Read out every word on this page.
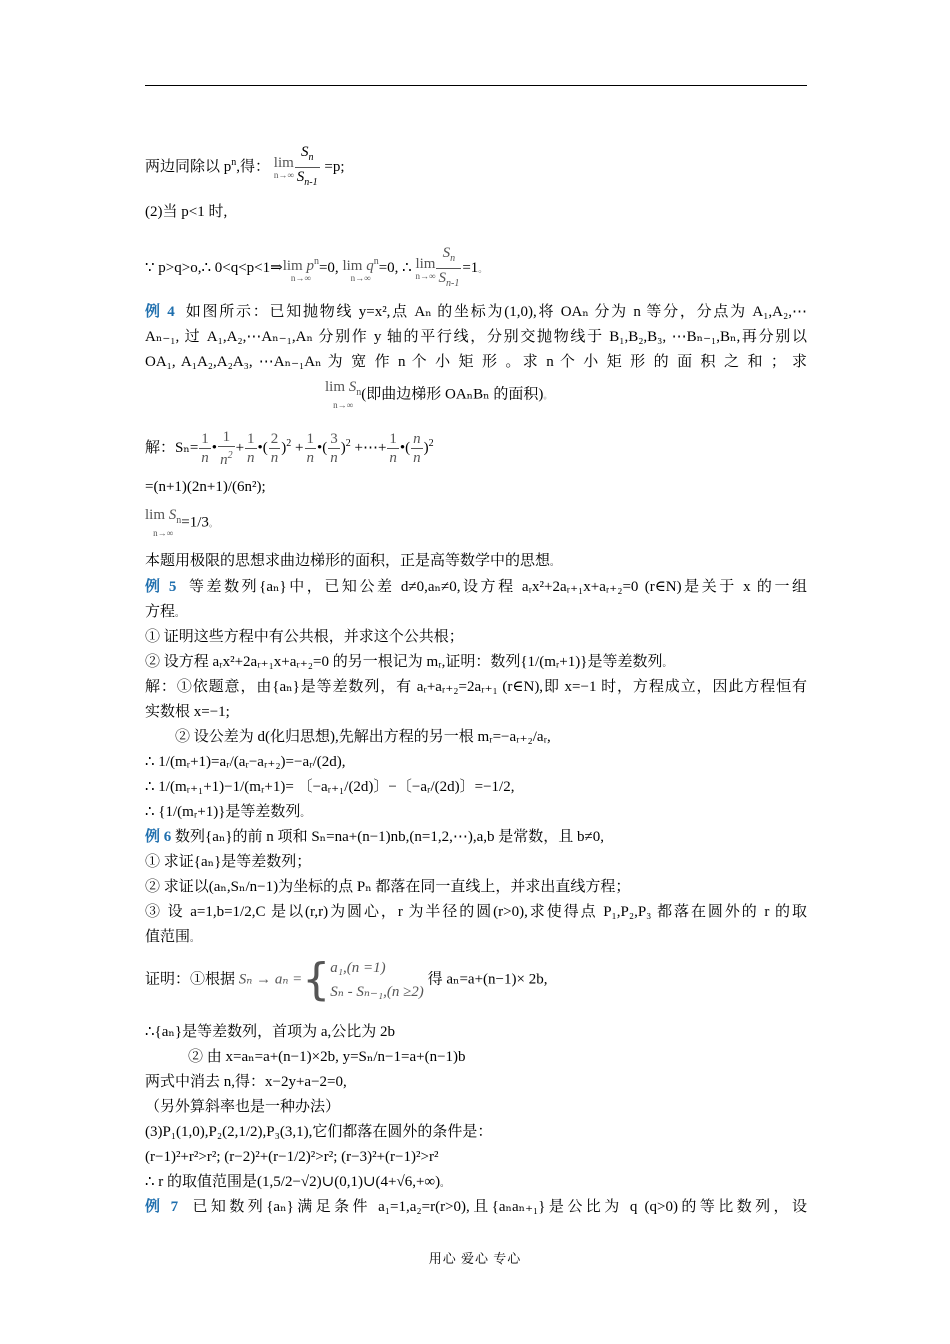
两边同除以 $p^n$,得： lim
$n\to\infty \frac{S_n}{S_{n-1}} =p$;
(2)当 p<1 时,
∵ p>q>o,∴ 0<q<p<1⇒ $\lim p^n$
n→∞
=0, $\lim q^n$
n→∞
=0, ∴ lim
$n\to\infty \frac{S_n}{S_{n-1}} =1$。
例 4 如图所示：已知抛物线 y=x²,点 Aₙ 的坐标为(1,0),将 OAₙ 分为 n 等分，分点为 A₁,A₂,⋯
Aₙ₋₁, 过 A₁,A₂,⋯Aₙ₋₁,Aₙ 分别作 y 轴的平行线，分别交抛物线于 B₁,B₂,B₃, ⋯Bₙ₋₁,Bₙ,再分别以
OA₁, A₁A₂,A₂A₃, ⋯Aₙ₋₁Aₙ 为 宽 作 n 个 小 矩 形 。求 n 个 小 矩 形 的 面 积 之 和 ； 求
$\lim S_n$
n→∞
(即曲边梯形 OAₙBₙ 的面积)。
解：$S_n= \frac{1}{n}$ • $\frac{1}{n^2} + \frac{1}{n}$ •( $\frac{2}{n} )^2 + \frac{1}{n}$ •( $\frac{3}{n} )^2$ +⋯+ $\frac{1}{n}$ •( $\frac{n}{n} )^2$
=(n+1)(2n+1)/(6n²);
$\lim S_n$
n→∞
=1/3。
本题用极限的思想求曲边梯形的面积，正是高等数学中的思想。
例 5 等差数列{aₙ}中，已知公差 d≠0,aₙ≠0,设方程 aᵣx²+2aᵣ₊₁x+aᵣ₊₂=0 (r∈N)是关于 x 的一组
方程。
① 证明这些方程中有公共根，并求这个公共根；
② 设方程 aᵣx²+2aᵣ₊₁x+aᵣ₊₂=0 的另一根记为 mᵣ,证明：数列{1/(mᵣ+1)}是等差数列。
解：①依题意，由{aₙ}是等差数列，有 aᵣ+aᵣ₊₂=2aᵣ₊₁ (r∈N),即 x=−1 时，方程成立，因此方程恒有
实数根 x=−1;
② 设公差为 d(化归思想),先解出方程的另一根 mᵣ=−aᵣ₊₂/aᵣ,
∴ 1/(mᵣ+1)=aᵣ/(aᵣ−aᵣ₊₂)=−aᵣ/(2d),
∴ 1/(mᵣ₊₁+1)−1/(mᵣ+1)= 〔−aᵣ₊₁/(2d)〕−〔−aᵣ/(2d)〕=−1/2,
∴ {1/(mᵣ+1)}是等差数列。
例 6 数列{aₙ}的前 n 项和 Sₙ=na+(n−1)nb,(n=1,2,⋯),a,b 是常数，且 b≠0,
① 求证{aₙ}是等差数列；
② 求证以(aₙ,Sₙ/n−1)为坐标的点 Pₙ 都落在同一直线上，并求出直线方程；
③ 设 a=1,b=1/2,C 是以(r,r)为圆心，r 为半径的圆(r>0),求使得点 P₁,P₂,P₃ 都落在圆外的 r 的取
值范围。
证明：①根据 Sₙ → aₙ ={ a₁,(n =1)
Sₙ - Sₙ₋₁,(n ≥2)
得 aₙ=a+(n−1)× 2b,
∴{aₙ}是等差数列，首项为 a,公比为 2b
② 由 x=aₙ=a+(n−1)×2b, y=Sₙ/n−1=a+(n−1)b
两式中消去 n,得：x−2y+a−2=0,
（另外算斜率也是一种办法）
(3)P₁(1,0),P₂(2,1/2),P₃(3,1),它们都落在圆外的条件是：
(r−1)²+r²>r²; (r−2)²+(r−1/2)²>r²; (r−3)²+(r−1)²>r²
∴ r 的取值范围是(1,5/2−√2)∪(0,1)∪(4+√6,+∞)。
例 7 已知数列{aₙ}满足条件 a₁=1,a₂=r(r>0),且{aₙaₙ₊₁}是公比为 q (q>0)的等比数列，设
用心 爱心 专心
